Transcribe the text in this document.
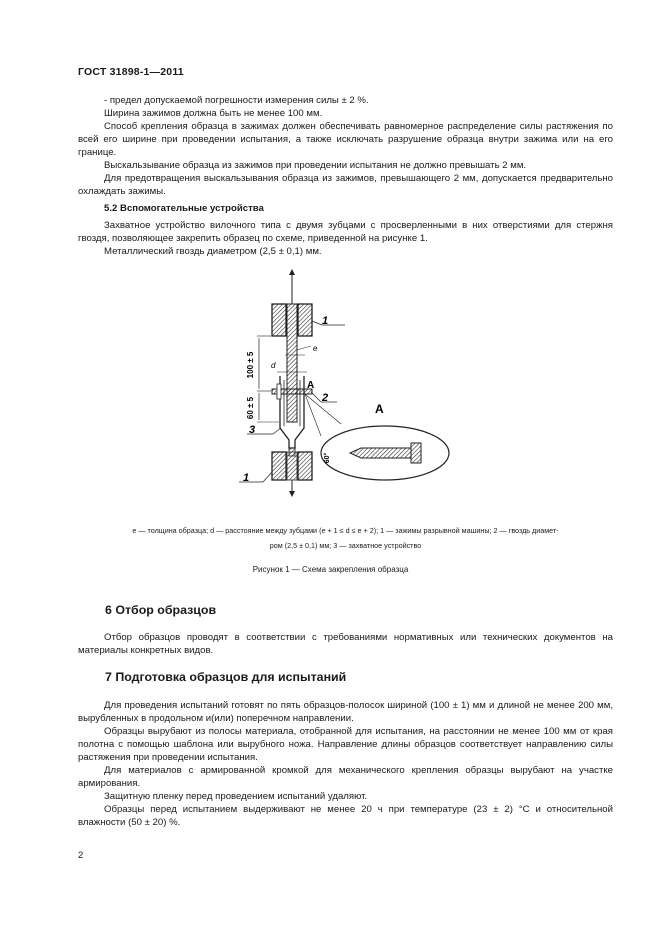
ГОСТ 31898-1—2011

- предел допускаемой погрешности измерения силы ± 2 %.

Ширина зажимов должна быть не менее 100 мм.

Способ крепления образца в зажимах должен обеспечивать равномерное распределение силы растяжения по всей его ширине при проведении испытания, а также исключать разрушение образца внутри зажима или на его границе.

Выскальзывание образца из зажимов при проведении испытания не должно превышать 2 мм.

Для предотвращения выскальзывания образца из зажимов, превышающего 2 мм, допускается предварительно охлаждать зажимы.

5.2 Вспомогательные устройства

Захватное устройство вилочного типа с двумя зубцами с просверленными в них отверстиями для стержня гвоздя, позволяющее закрепить образец по схеме, приведенной на рисунке 1.

Металлический гвоздь диаметром (2,5 ± 0,1) мм.

100 ± 5
60 ± 5
e
d
A
1
2
3
1
A
60°
e — толщина образца; d — расстояние между зубцами (e + 1 ≤ d ≤ e + 2); 1 — зажимы разрывной машины; 2 — гвоздь диамет-
ром (2,5 ± 0,1) мм; 3 — захватное устройство
Рисунок 1 — Схема закрепления образца
6 Отбор образцов

Отбор образцов проводят в соответствии с требованиями нормативных или технических документов на материалы конкретных видов.

7 Подготовка образцов для испытаний

Для проведения испытаний готовят по пять образцов-полосок шириной (100 ± 1) мм и длиной не менее 200 мм, вырубленных в продольном и(или) поперечном направлении.

Образцы вырубают из полосы материала, отобранной для испытания, на расстоянии не менее 100 мм от края полотна с помощью шаблона или вырубного ножа. Направление длины образцов соответствует направлению силы растяжения при проведении испытания.

Для материалов с армированной кромкой для механического крепления образцы вырубают на участке армирования.

Защитную пленку перед проведением испытаний удаляют.

Образцы перед испытанием выдерживают не менее 20 ч при температуре (23 ± 2) °C и относительной влажности (50 ± 20) %.

2
